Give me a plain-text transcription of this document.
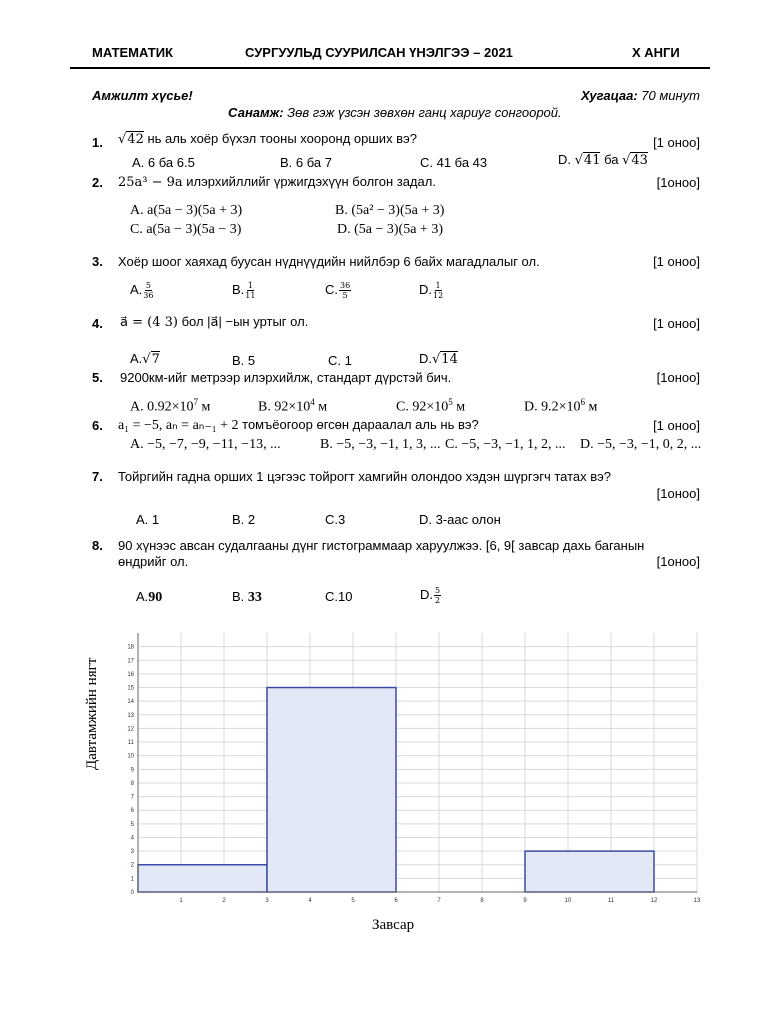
МАТЕМАТИК	СУРГУУЛЬД СУУРИЛСАН ҮНЭЛГЭЭ – 2021	X АНГИ
Амжилт хүсье!	Хугацаа: 70 минут
Санамж: Зөв гэж үзсэн зөвхөн ганц хариуг сонгоорой.
1. √42 нь аль хоёр бүхэл тооны хооронд орших вэ?	[1 оноо]
A. 6 ба 6.5	B. 6 ба 7	C. 41 ба 43	D. √41 ба √43
2. 25a³ − 9a илэрхийллийг үржигдэхүүн болгон задал.	[1оноо]
A. a(5a − 3)(5a + 3)	B. (5a² − 3)(5a + 3)
C. a(5a − 3)(5a − 3)	D. (5a − 3)(5a + 3)
3. Хоёр шоог хаяхад буусан нүднүүдийн нийлбэр 6 байх магадлалыг ол.	[1 оноо]
A. $\frac{5}{36}$	B. $\frac{1}{11}$	C. $\frac{36}{5}$	D. $\frac{1}{12}$
4. a⃗ = (4 3) бол |a⃗| −ын уртыг ол.	[1 оноо]
A.√7	B. 5	C. 1	D.√14
5. 9200км-ийг метрээр илэрхийлж, стандарт дүрстэй бич.	[1оноо]
A. $0.92\times 10^7$ м	B. $92\times 10^4$ м	C. $92\times 10^5$ м	D. $9.2\times 10^6$ м
6. a₁ = −5, aₙ = aₙ₋₁ + 2 томъёогоор өгсөн дараалал аль нь вэ?	[1 оноо]
A. −5, −7, −9, −11, −13, ...	B. −5, −3, −1, 1, 3, ... C. −5, −3, −1, 1, 2, ... D. −5, −3, −1, 0, 2, ...
7. Тойргийн гадна орших 1 цэгээс тойрогт хамгийн олондоо хэдэн шүргэгч татах вэ?
[1оноо]
A. 1	B. 2	C.3	D. 3-аас олон
8. 90 хүнээс авсан судалгааны дүнг гистограммаар харуулжээ. [6, 9[ завсар дахь баганын
өндрийг ол.	[1оноо]
A.90	B. 33	C.10	D. $\frac{5}{2}$
0
1
2
3
4
5
6
7
8
9
10
11
12
13
14
15
16
17
18
1	2	3	4	5	6	7	8	9	10	11	12	13
Давтамжийн нягт
Завсар
